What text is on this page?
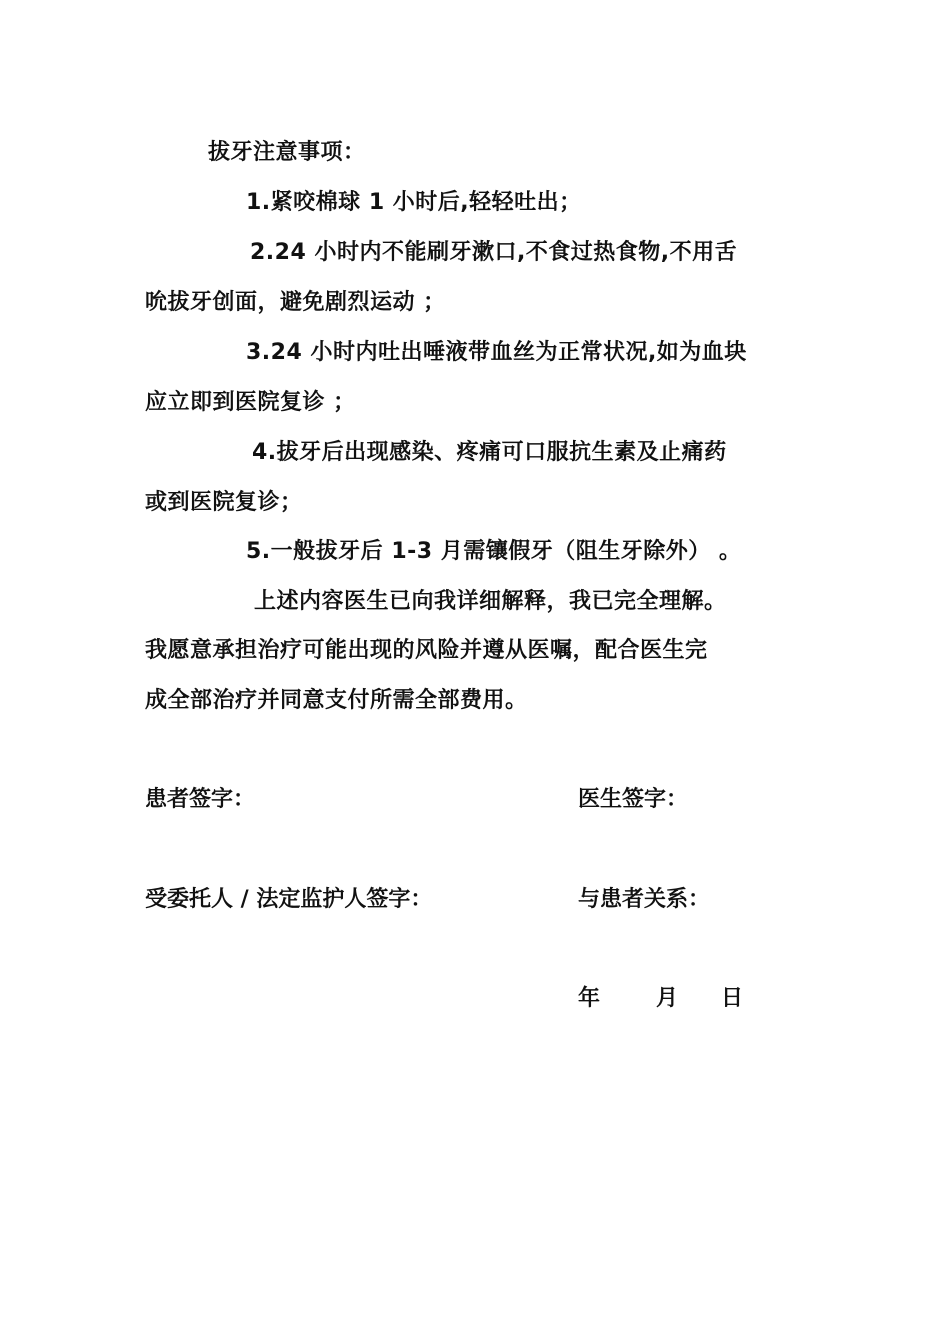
拔牙注意事项：
1.紧咬棉球 1 小时后,轻轻吐出；
2.24 小时内不能刷牙漱口,不食过热食物,不用舌
吮拔牙创面，避免剧烈运动 ；
3.24 小时内吐出唾液带血丝为正常状况,如为血块
应立即到医院复诊 ；
4.拔牙后出现感染、疼痛可口服抗生素及止痛药
或到医院复诊；
5.一般拔牙后 1-3 月需镶假牙（阻生牙除外） 。
上述内容医生已向我详细解释，我已完全理解。
我愿意承担治疗可能出现的风险并遵从医嘱，配合医生完
成全部治疗并同意支付所需全部费用。
患者签字：	医生签字：
受委托人 / 法定监护人签字：	与患者关系：
年	月 日
